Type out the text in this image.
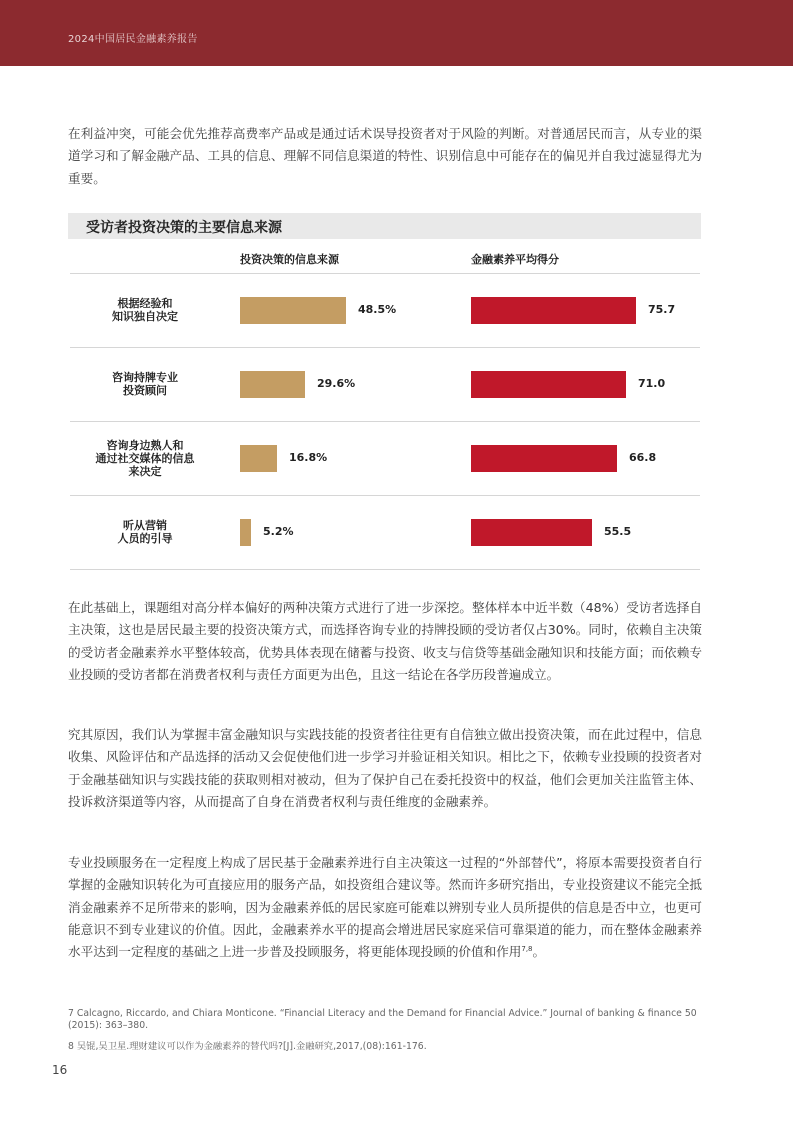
2024中国居民金融素养报告

在利益冲突，可能会优先推荐高费率产品或是通过话术误导投资者对于风险的判断。对普通居民而言，从专业的渠道学习和了解金融产品、工具的信息、理解不同信息渠道的特性、识别信息中可能存在的偏见并自我过滤显得尤为重要。

受访者投资决策的主要信息来源
投资决策的信息来源	金融素养平均得分
根据经验和
知识独自决定
48.5%	75.7
咨询持牌专业
投资顾问
29.6%	71.0
咨询身边熟人和
通过社交媒体的信息
来决定
16.8%	66.8
听从营销
人员的引导
5.2%	55.5

在此基础上，课题组对高分样本偏好的两种决策方式进行了进一步深挖。整体样本中近半数（48%）受访者选择自主决策，这也是居民最主要的投资决策方式，而选择咨询专业的持牌投顾的受访者仅占30%。同时，依赖自主决策的受访者金融素养水平整体较高，优势具体表现在储蓄与投资、收支与信贷等基础金融知识和技能方面；而依赖专业投顾的受访者都在消费者权利与责任方面更为出色，且这一结论在各学历段普遍成立。

究其原因，我们认为掌握丰富金融知识与实践技能的投资者往往更有自信独立做出投资决策，而在此过程中，信息收集、风险评估和产品选择的活动又会促使他们进一步学习并验证相关知识。相比之下，依赖专业投顾的投资者对于金融基础知识与实践技能的获取则相对被动，但为了保护自己在委托投资中的权益，他们会更加关注监管主体、投诉救济渠道等内容，从而提高了自身在消费者权利与责任维度的金融素养。

专业投顾服务在一定程度上构成了居民基于金融素养进行自主决策这一过程的“外部替代”，将原本需要投资者自行掌握的金融知识转化为可直接应用的服务产品，如投资组合建议等。然而许多研究指出，专业投资建议不能完全抵消金融素养不足所带来的影响，因为金融素养低的居民家庭可能难以辨别专业人员所提供的信息是否中立，也更可能意识不到专业建议的价值。因此，金融素养水平的提高会增进居民家庭采信可靠渠道的能力，而在整体金融素养水平达到一定程度的基础之上进一步普及投顾服务，将更能体现投顾的价值和作用$^{7,8}$。

7 Calcagno, Riccardo, and Chiara Monticone. “Financial Literacy and the Demand for Financial Advice.” Journal of banking & finance 50 (2015): 363–380.

8 吴锟,吴卫星.理财建议可以作为金融素养的替代吗?[J].金融研究,2017,(08):161-176.

16
